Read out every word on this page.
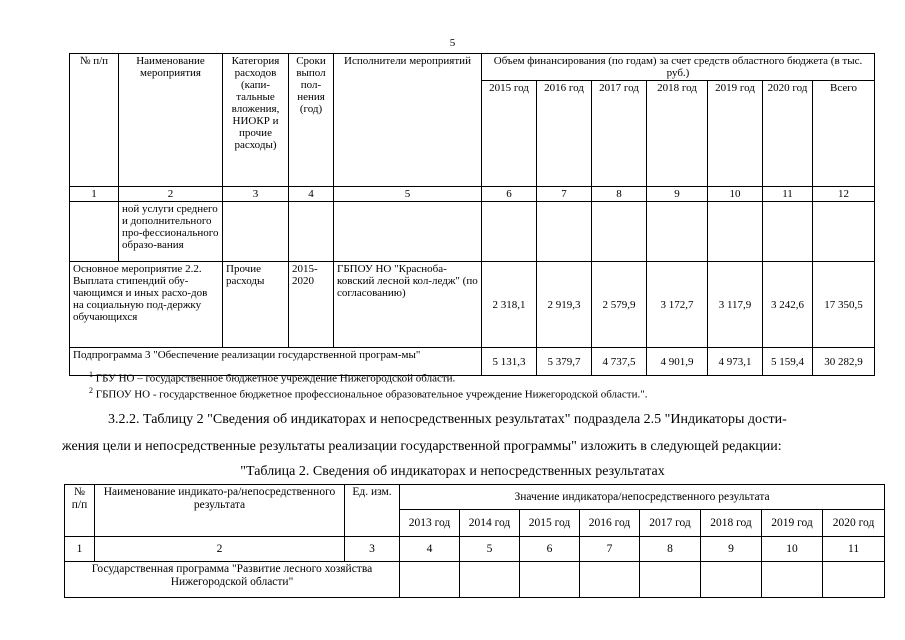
5
№ п/п	Наименование мероприятия	Категория расходов (капи-тальные вложения, НИОКР и прочие расходы)	Сроки выпол пол-нения (год)	Исполнители мероприятий	Объем финансирования (по годам) за счет средств областного бюджета (в тыс. руб.)						
					2015 год	2016 год	2017 год	2018 год	2019 год	2020 год	Всего
1	2	3	4	5	6	7	8	9	10	11	12
	ной услуги среднего и дополнительного про-фессионального образо-вания										
Основное мероприятие 2.2. Выплата стипендий обу-чающимся и иных расхо-дов на социальную под-держку обучающихся		Прочие расходы	2015-2020	ГБПОУ НО "Красноба-ковский лесной кол-ледж" (по согласованию)	2 318,1	2 919,3	2 579,9	3 172,7	3 117,9	3 242,6	17 350,5
Подпрограмма 3 "Обеспечение реализации государственной програм-мы"					5 131,3	5 379,7	4 737,5	4 901,9	4 973,1	5 159,4	30 282,9
$^1$ ГБУ НО – государственное бюджетное учреждение Нижегородской области.
$^2$ ГБПОУ НО - государственное бюджетное профессиональное образовательное учреждение Нижегородской области.".
3.2.2. Таблицу 2 "Сведения об индикаторах и непосредственных результатах" подраздела 2.5 "Индикаторы дости-
жения цели и непосредственные результаты реализации государственной программы" изложить в следующей редакции:
"Таблица 2. Сведения об индикаторах и непосредственных результатах
№ п/п	Наименование индикато-ра/непосредственного результата	Ед. изм.	Значение индикатора/непосредственного результата							
			2013 год	2014 год	2015 год	2016 год	2017 год	2018 год	2019 год	2020 год
1	2	3	4	5	6	7	8	9	10	11
Государственная программа "Развитие лесного хозяйства Нижегородской области"										
